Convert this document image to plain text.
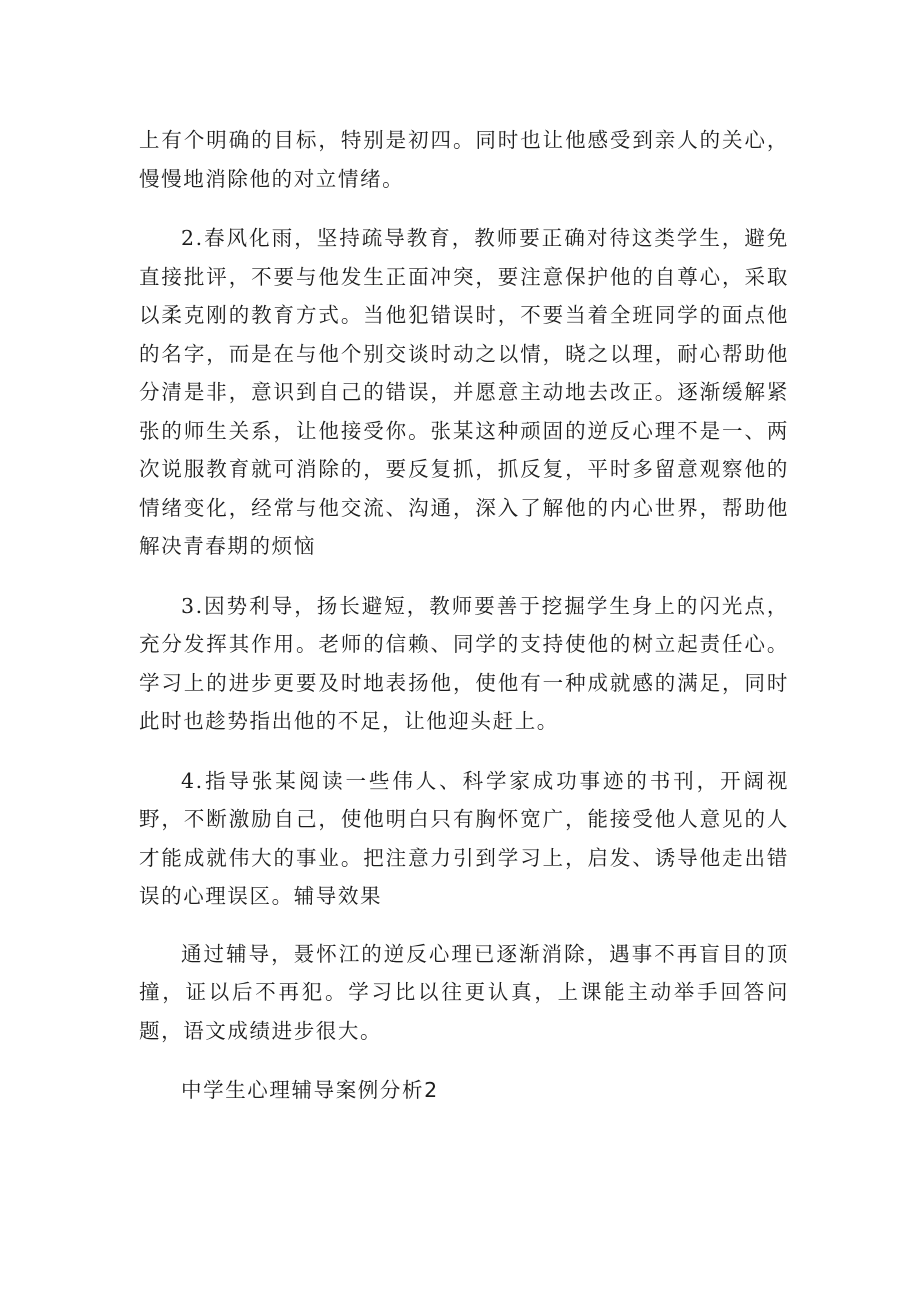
上有个明确的目标，特别是初四。同时也让他感受到亲人的关心，慢慢地消除他的对立情绪。

2.春风化雨，坚持疏导教育，教师要正确对待这类学生，避免直接批评，不要与他发生正面冲突，要注意保护他的自尊心，采取以柔克刚的教育方式。当他犯错误时，不要当着全班同学的面点他的名字，而是在与他个别交谈时动之以情，晓之以理，耐心帮助他分清是非，意识到自己的错误，并愿意主动地去改正。逐渐缓解紧张的师生关系，让他接受你。张某这种顽固的逆反心理不是一、两次说服教育就可消除的，要反复抓，抓反复，平时多留意观察他的情绪变化，经常与他交流、沟通，深入了解他的内心世界，帮助他解决青春期的烦恼

3.因势利导，扬长避短，教师要善于挖掘学生身上的闪光点，充分发挥其作用。老师的信赖、同学的支持使他的树立起责任心。学习上的进步更要及时地表扬他，使他有一种成就感的满足，同时此时也趁势指出他的不足，让他迎头赶上。

4.指导张某阅读一些伟人、科学家成功事迹的书刊，开阔视野，不断激励自己，使他明白只有胸怀宽广，能接受他人意见的人才能成就伟大的事业。把注意力引到学习上，启发、诱导他走出错误的心理误区。辅导效果

通过辅导，聂怀江的逆反心理已逐渐消除，遇事不再盲目的顶撞，证以后不再犯。学习比以往更认真，上课能主动举手回答问题，语文成绩进步很大。

中学生心理辅导案例分析2
